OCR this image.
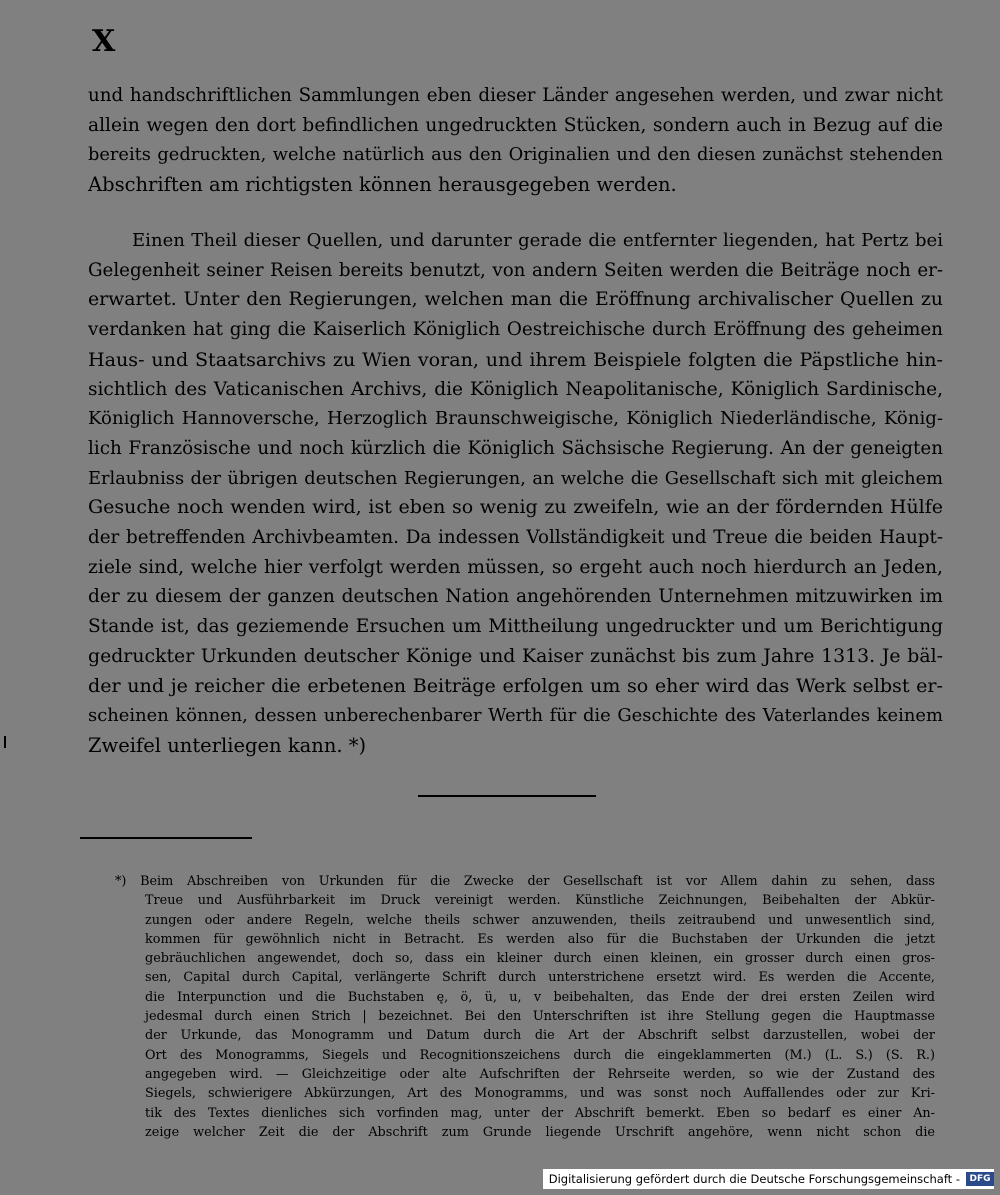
X
und handschriftlichen Sammlungen eben dieser Länder angesehen werden, und zwar nicht
allein wegen den dort befindlichen ungedruckten Stücken, sondern auch in Bezug auf die
bereits gedruckten, welche natürlich aus den Originalien und den diesen zunächst stehenden
Abschriften am richtigsten können herausgegeben werden.
Einen Theil dieser Quellen, und darunter gerade die entfernter liegenden, hat Pertz bei
Gelegenheit seiner Reisen bereits benutzt, von andern Seiten werden die Beiträge noch er-
erwartet. Unter den Regierungen, welchen man die Eröffnung archivalischer Quellen zu
verdanken hat ging die Kaiserlich Königlich Oestreichische durch Eröffnung des geheimen
Haus- und Staatsarchivs zu Wien voran, und ihrem Beispiele folgten die Päpstliche hin-
sichtlich des Vaticanischen Archivs, die Königlich Neapolitanische, Königlich Sardinische,
Königlich Hannoversche, Herzoglich Braunschweigische, Königlich Niederländische, König-
lich Französische und noch kürzlich die Königlich Sächsische Regierung. An der geneigten
Erlaubniss der übrigen deutschen Regierungen, an welche die Gesellschaft sich mit gleichem
Gesuche noch wenden wird, ist eben so wenig zu zweifeln, wie an der fördernden Hülfe
der betreffenden Archivbeamten. Da indessen Vollständigkeit und Treue die beiden Haupt-
ziele sind, welche hier verfolgt werden müssen, so ergeht auch noch hierdurch an Jeden,
der zu diesem der ganzen deutschen Nation angehörenden Unternehmen mitzuwirken im
Stande ist, das geziemende Ersuchen um Mittheilung ungedruckter und um Berichtigung
gedruckter Urkunden deutscher Könige und Kaiser zunächst bis zum Jahre 1313. Je bäl-
der und je reicher die erbetenen Beiträge erfolgen um so eher wird das Werk selbst er-
scheinen können, dessen unberechenbarer Werth für die Geschichte des Vaterlandes keinem
Zweifel unterliegen kann. *)
*) Beim Abschreiben von Urkunden für die Zwecke der Gesellschaft ist vor Allem dahin zu sehen, dass
Treue und Ausführbarkeit im Druck vereinigt werden. Künstliche Zeichnungen, Beibehalten der Abkür-
zungen oder andere Regeln, welche theils schwer anzuwenden, theils zeitraubend und unwesentlich sind,
kommen für gewöhnlich nicht in Betracht. Es werden also für die Buchstaben der Urkunden die jetzt
gebräuchlichen angewendet, doch so, dass ein kleiner durch einen kleinen, ein grosser durch einen gros-
sen, Capital durch Capital, verlängerte Schrift durch unterstrichene ersetzt wird. Es werden die Accente,
die Interpunction und die Buchstaben ę, ö, ü, u, v beibehalten, das Ende der drei ersten Zeilen wird
jedesmal durch einen Strich | bezeichnet. Bei den Unterschriften ist ihre Stellung gegen die Hauptmasse
der Urkunde, das Monogramm und Datum durch die Art der Abschrift selbst darzustellen, wobei der
Ort des Monogramms, Siegels und Recognitionszeichens durch die eingeklammerten (M.) (L. S.) (S. R.)
angegeben wird. — Gleichzeitige oder alte Aufschriften der Rehrseite werden, so wie der Zustand des
Siegels, schwierigere Abkürzungen, Art des Monogramms, und was sonst noch Auffallendes oder zur Kri-
tik des Textes dienliches sich vorfinden mag, unter der Abschrift bemerkt. Eben so bedarf es einer An-
zeige welcher Zeit die der Abschrift zum Grunde liegende Urschrift angehöre, wenn nicht schon die
Digitalisierung gefördert durch die Deutsche Forschungsgemeinschaft -	DFG
